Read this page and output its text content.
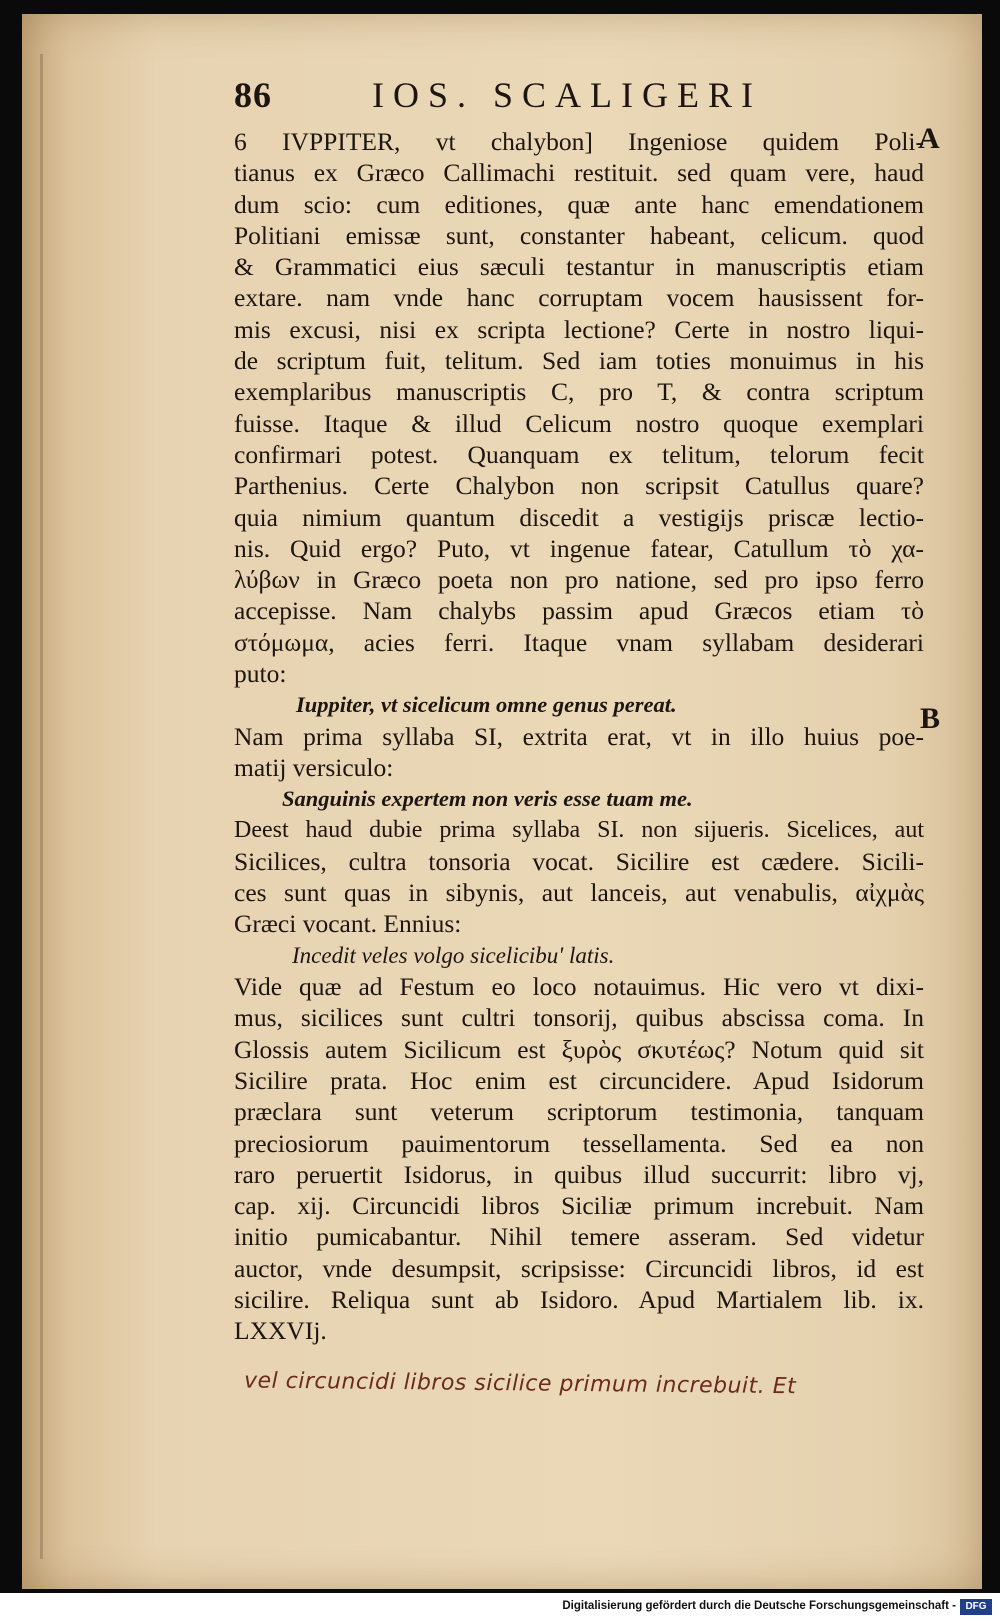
86	IOS. SCALIGERI
A
B
6 IVPPITER, vt chalybon] Ingeniose quidem Poli-
tianus ex Græco Callimachi restituit. sed quam vere, haud
dum scio: cum editiones, quæ ante hanc emendationem
Politiani emissæ sunt, constanter habeant, celicum. quod
& Grammatici eius sæculi testantur in manuscriptis etiam
extare. nam vnde hanc corruptam vocem hausissent for-
mis excusi, nisi ex scripta lectione? Certe in nostro liqui-
de scriptum fuit, telitum. Sed iam toties monuimus in his
exemplaribus manuscriptis C, pro T, & contra scriptum
fuisse. Itaque & illud Celicum nostro quoque exemplari
confirmari potest. Quanquam ex telitum, telorum fecit
Parthenius. Certe Chalybon non scripsit Catullus quare?
quia nimium quantum discedit a vestigijs priscæ lectio-
nis. Quid ergo? Puto, vt ingenue fatear, Catullum τὸ χα-
λύβων in Græco poeta non pro natione, sed pro ipso ferro
accepisse. Nam chalybs passim apud Græcos etiam τὸ
στόμωμα, acies ferri. Itaque vnam syllabam desiderari
puto:
Iuppiter, vt sicelicum omne genus pereat.
Nam prima syllaba SI, extrita erat, vt in illo huius poe-
matij versiculo:
Sanguinis expertem non veris esse tuam me.
Deest haud dubie prima syllaba SI. non sijueris. Sicelices, aut
Sicilices, cultra tonsoria vocat. Sicilire est cædere. Sicili-
ces sunt quas in sibynis, aut lanceis, aut venabulis, αἰχμὰς
Græci vocant. Ennius:
Incedit veles volgo sicelicibu' latis.
Vide quæ ad Festum eo loco notauimus. Hic vero vt dixi-
mus, sicilices sunt cultri tonsorij, quibus abscissa coma. In
Glossis autem Sicilicum est ξυρὸς σκυτέως? Notum quid sit
Sicilire prata. Hoc enim est circuncidere. Apud Isidorum
præclara sunt veterum scriptorum testimonia, tanquam
preciosiorum pauimentorum tessellamenta. Sed ea non
raro peruertit Isidorus, in quibus illud succurrit: libro vj,
cap. xij. Circuncidi libros Siciliæ primum increbuit. Nam
initio pumicabantur. Nihil temere asseram. Sed videtur
auctor, vnde desumpsit, scripsisse: Circuncidi libros, id est
sicilire. Reliqua sunt ab Isidoro. Apud Martialem lib. ix.
LXXVIj.
vel circuncidi libros sicilice primum increbuit. Et
Digitalisierung gefördert durch die Deutsche Forschungsgemeinschaft - DFG
